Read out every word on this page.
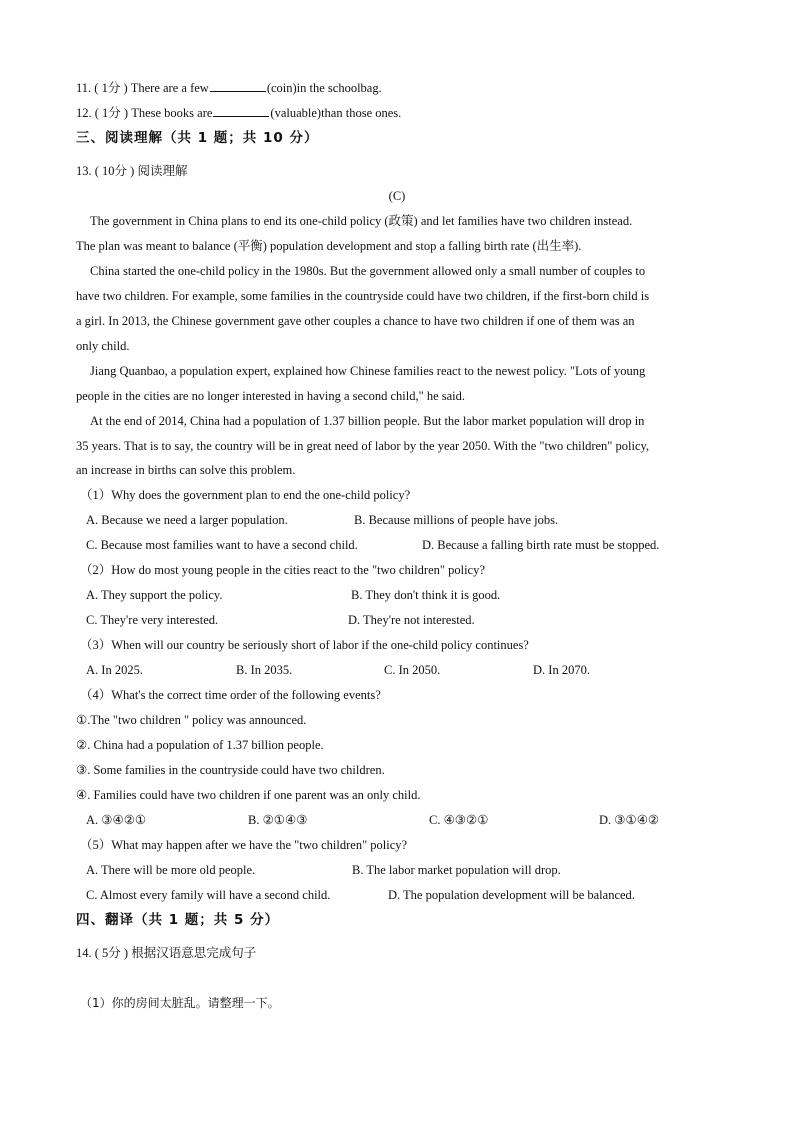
11. ( 1分 ) There are a few	(coin)in the schoolbag.
12. ( 1分 ) These books are	(valuable)than those ones.
三、阅读理解（共 1 题；共 10 分）
13. ( 10分 ) 阅读理解
(C)
The government in China plans to end its one-child policy (政策) and let families have two children instead.
The plan was meant to balance (平衡) population development and stop a falling birth rate (出生率).
China started the one-child policy in the 1980s. But the government allowed only a small number of couples to
have two children. For example, some families in the countryside could have two children, if the first-born child is
a girl. In 2013, the Chinese government gave other couples a chance to have two children if one of them was an
only child.
Jiang Quanbao, a population expert, explained how Chinese families react to the newest policy. "Lots of young
people in the cities are no longer interested in having a second child," he said.
At the end of 2014, China had a population of 1.37 billion people. But the labor market population will drop in
35 years. That is to say, the country will be in great need of labor by the year 2050. With the "two children" policy,
an increase in births can solve this problem.
（1）Why does the government plan to end the one-child policy?
A. Because we need a larger population.	B. Because millions of people have jobs.
C. Because most families want to have a second child.	D. Because a falling birth rate must be stopped.
（2）How do most young people in the cities react to the "two children" policy?
A. They support the policy.	B. They don't think it is good.
C. They're very interested.	D. They're not interested.
（3）When will our country be seriously short of labor if the one-child policy continues?
A. In 2025.	B. In 2035.	C. In 2050.	D. In 2070.
（4）What's the correct time order of the following events?
①.The "two children " policy was announced.
②. China had a population of 1.37 billion people.
③. Some families in the countryside could have two children.
④. Families could have two children if one parent was an only child.
A. ③④②①	B. ②①④③	C. ④③②①	D. ③①④②
（5）What may happen after we have the "two children" policy?
A. There will be more old people.	B. The labor market population will drop.
C. Almost every family will have a second child.	D. The population development will be balanced.
四、翻译（共 1 题；共 5 分）
14. ( 5分 ) 根据汉语意思完成句子
（1）你的房间太脏乱。请整理一下。
